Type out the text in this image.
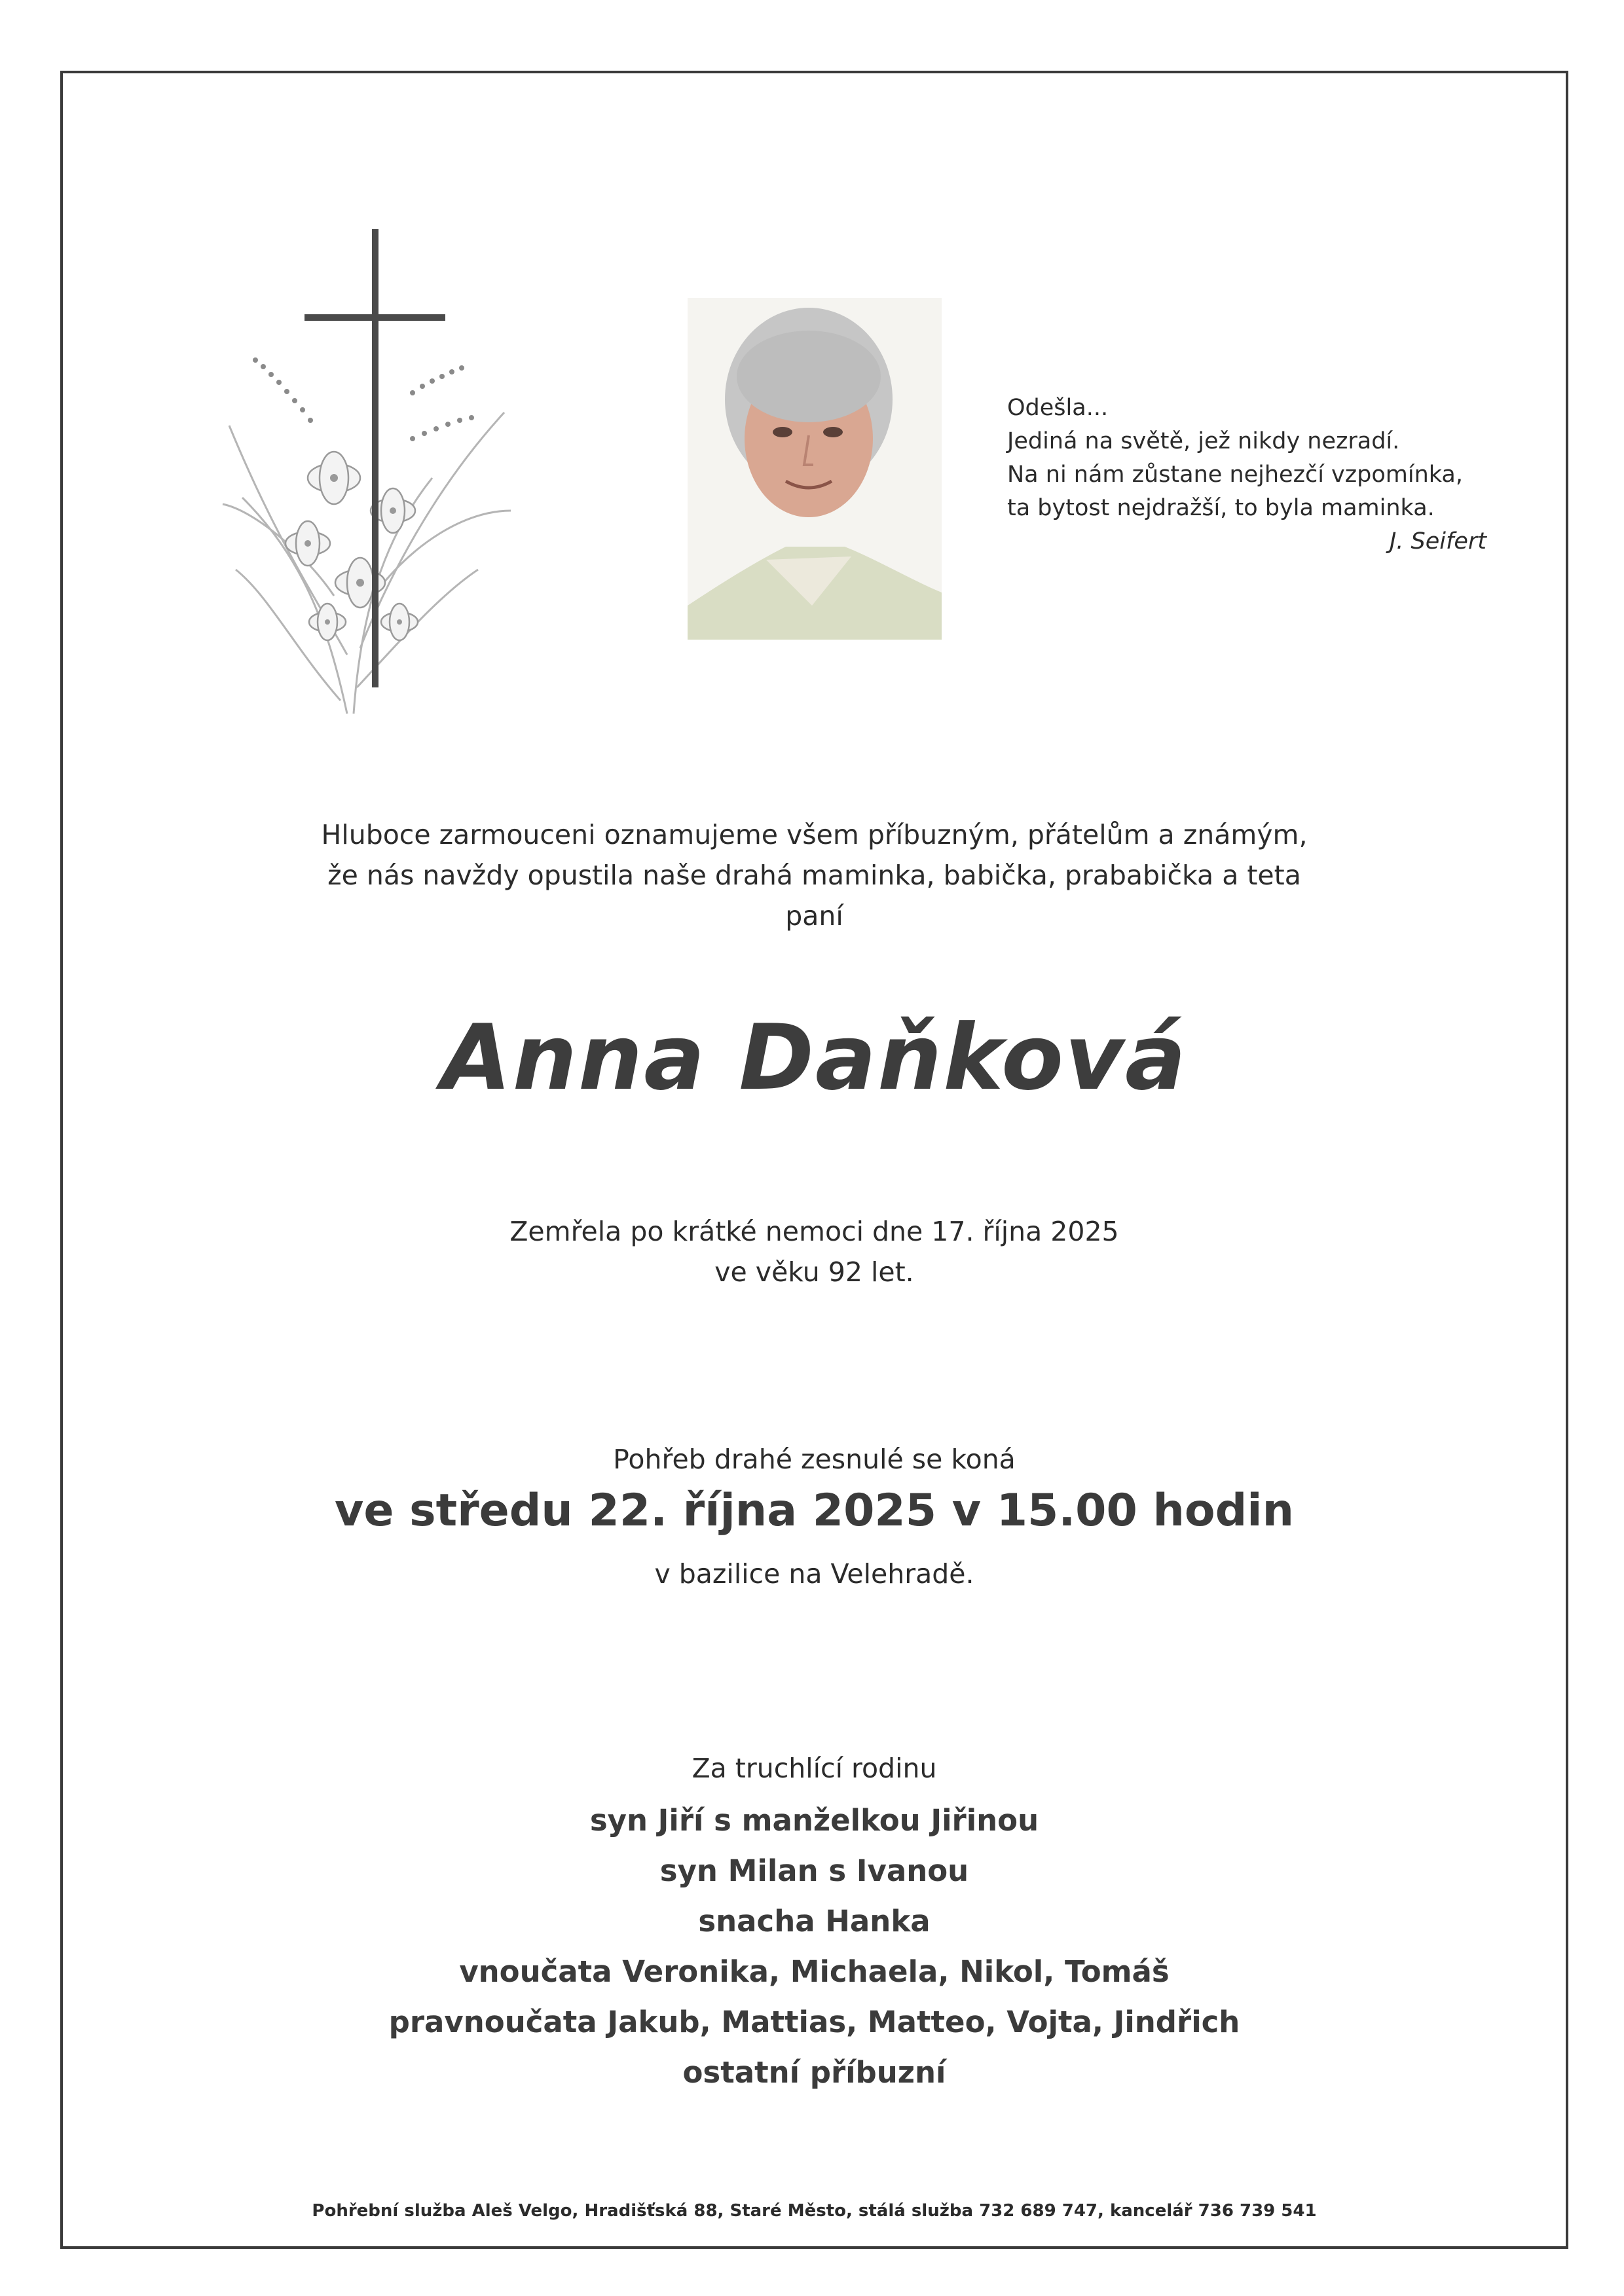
Odešla...
Jediná na světě, jež nikdy nezradí.
Na ni nám zůstane nejhezčí vzpomínka,
ta bytost nejdražší, to byla maminka.
J. Seifert
Hluboce zarmouceni oznamujeme všem příbuzným, přátelům a známým,
že nás navždy opustila naše drahá maminka, babička, prababička a teta
paní
Anna Daňková
Zemřela po krátké nemoci dne 17. října 2025
ve věku 92 let.
Pohřeb drahé zesnulé se koná
ve středu 22. října 2025 v 15.00 hodin
v bazilice na Velehradě.
Za truchlící rodinu
syn Jiří s manželkou Jiřinou
syn Milan s Ivanou
snacha Hanka
vnoučata Veronika, Michaela, Nikol, Tomáš
pravnoučata Jakub, Mattias, Matteo, Vojta, Jindřich
ostatní příbuzní
Pohřební služba Aleš Velgo, Hradišťská 88, Staré Město, stálá služba 732 689 747, kancelář 736 739 541
